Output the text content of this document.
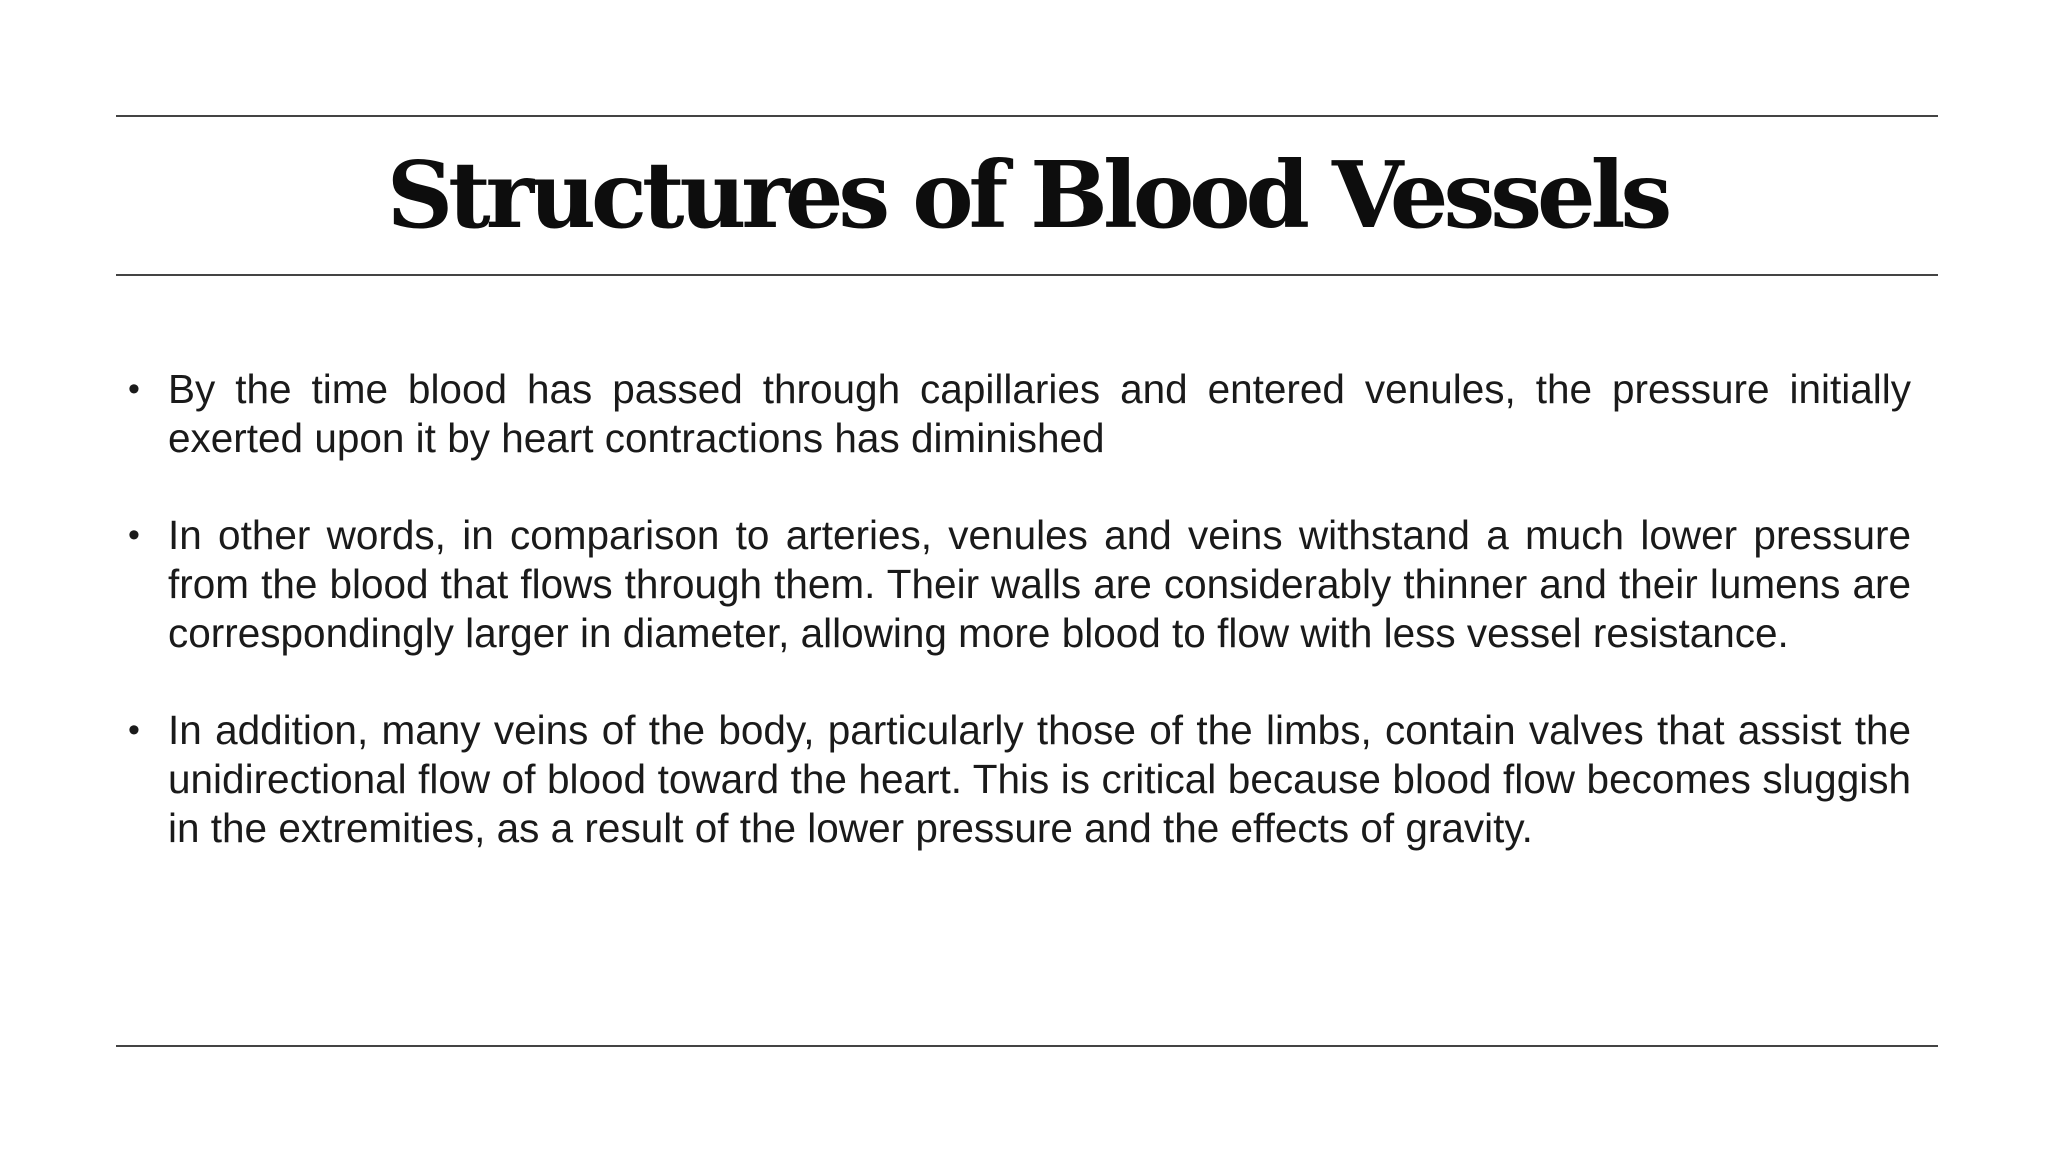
Structures of Blood Vessels
• By the time blood has passed through capillaries and entered venules, the pressure initially exerted upon it by heart contractions has diminished
• In other words, in comparison to arteries, venules and veins withstand a much lower pressure from the blood that flows through them. Their walls are considerably thinner and their lumens are correspondingly larger in diameter, allowing more blood to flow with less vessel resistance.
• In addition, many veins of the body, particularly those of the limbs, contain valves that assist the unidirectional flow of blood toward the heart. This is critical because blood flow becomes sluggish in the extremities, as a result of the lower pressure and the effects of gravity.
